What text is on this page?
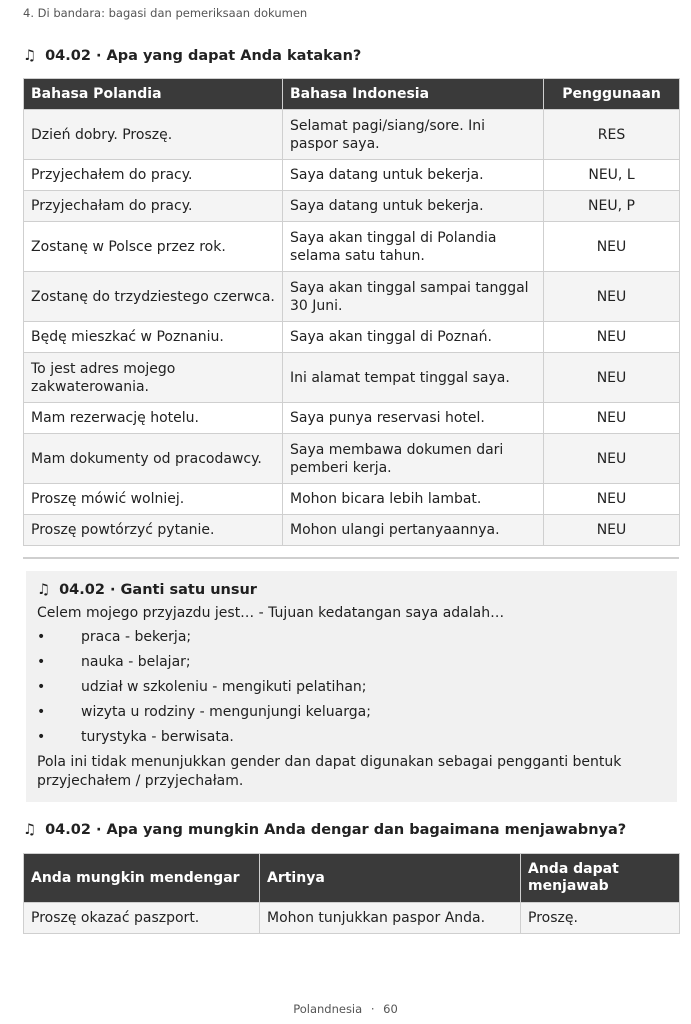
4. Di bandara: bagasi dan pemeriksaan dokumen
♫ 04.02 · Apa yang dapat Anda katakan?
Bahasa Polandia	Bahasa Indonesia	Penggunaan
Dzień dobry. Proszę.	Selamat pagi/siang/sore. Ini paspor saya.	RES
Przyjechałem do pracy.	Saya datang untuk bekerja.	NEU, L
Przyjechałam do pracy.	Saya datang untuk bekerja.	NEU, P
Zostanę w Polsce przez rok.	Saya akan tinggal di Polandia selama satu tahun.	NEU
Zostanę do trzydziestego czerwca.	Saya akan tinggal sampai tanggal 30 Juni.	NEU
Będę mieszkać w Poznaniu.	Saya akan tinggal di Poznań.	NEU
To jest adres mojego zakwaterowania.	Ini alamat tempat tinggal saya.	NEU
Mam rezerwację hotelu.	Saya punya reservasi hotel.	NEU
Mam dokumenty od pracodawcy.	Saya membawa dokumen dari pemberi kerja.	NEU
Proszę mówić wolniej.	Mohon bicara lebih lambat.	NEU
Proszę powtórzyć pytanie.	Mohon ulangi pertanyaannya.	NEU
♫ 04.02 · Ganti satu unsur
Celem mojego przyjazdu jest… - Tujuan kedatangan saya adalah…
•	praca - bekerja;
•	nauka - belajar;
•	udział w szkoleniu - mengikuti pelatihan;
•	wizyta u rodziny - mengunjungi keluarga;
•	turystyka - berwisata.
Pola ini tidak menunjukkan gender dan dapat digunakan sebagai pengganti bentuk przyjechałem / przyjechałam.
♫ 04.02 · Apa yang mungkin Anda dengar dan bagaimana menjawabnya?
Anda mungkin mendengar	Artinya	Anda dapat menjawab
Proszę okazać paszport.	Mohon tunjukkan paspor Anda.	Proszę.
Polandnesia · 60
